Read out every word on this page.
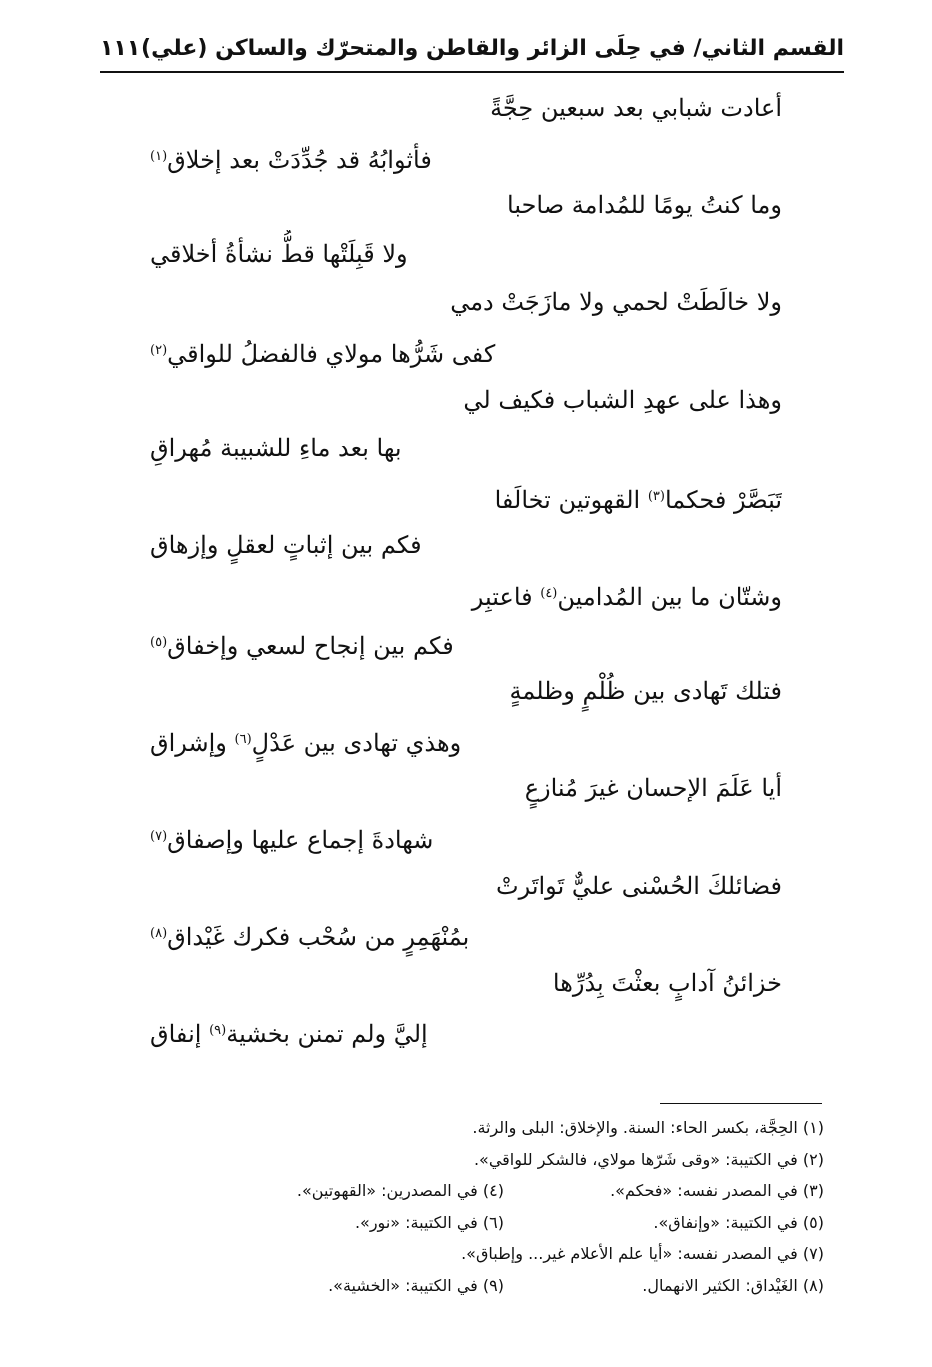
القسم الثاني/ في حِلَى الزائر والقاطن والمتحرّك والساكن (علي)
١١١
أعادت شبابي بعد سبعين حِجَّةً
فأثوابُهُ قد جُدِّدَتْ بعد إخلاق$^{(١)}$
وما كنتُ يومًا للمُدامة صاحبا
ولا قَبِلَتْها قطُّ نشأةُ أخلاقي
ولا خالَطَتْ لحمي ولا مازَجَتْ دمي
كفى شَرُّها مولاي فالفضلُ للواقي$^{(٢)}$
وهذا على عهدِ الشباب فكيف لي
بها بعد ماءِ للشبيبة مُهراقِ
تَبَصَّرْ فحكما$^{(٣)}$ القهوتين تخالَفا
فكم بين إثباتٍ لعقلٍ وإزهاق
وشتّان ما بين المُدامين$^{(٤)}$ فاعتبِر
فكم بين إنجاح لسعي وإخفاق$^{(٥)}$
فتلك تَهادى بين ظُلْمٍ وظلمةٍ
وهذي تهادى بين عَدْلٍ$^{(٦)}$ وإشراق
أيا عَلَمَ الإحسان غيرَ مُنازعٍ
شهادةَ إجماع عليها وإصفاق$^{(٧)}$
فضائلكَ الحُسْنى عليٌّ تَواتَرتْ
بمُنْهَمِرٍ من سُحْب فكرك غَيْداق$^{(٨)}$
خزائنُ آدابٍ بعثْتَ بِدُرِّها
إليَّ ولم تمنن بخشية$^{(٩)}$ إنفاق
(١) الحِجَّة، بكسر الحاء: السنة. والإخلاق: البلى والرثة.
(٢) في الكتيبة: «وقى شَرّها مولاي، فالشكر للواقي».
(٣) في المصدر نفسه: «فحكم».
(٤) في المصدرين: «القهوتين».
(٥) في الكتيبة: «وإنفاق».
(٦) في الكتيبة: «نور».
(٧) في المصدر نفسه: «أيا علم الأعلام غير... وإطباق».
(٨) الغَيْداق: الكثير الانهمال.
(٩) في الكتيبة: «الخشية».
